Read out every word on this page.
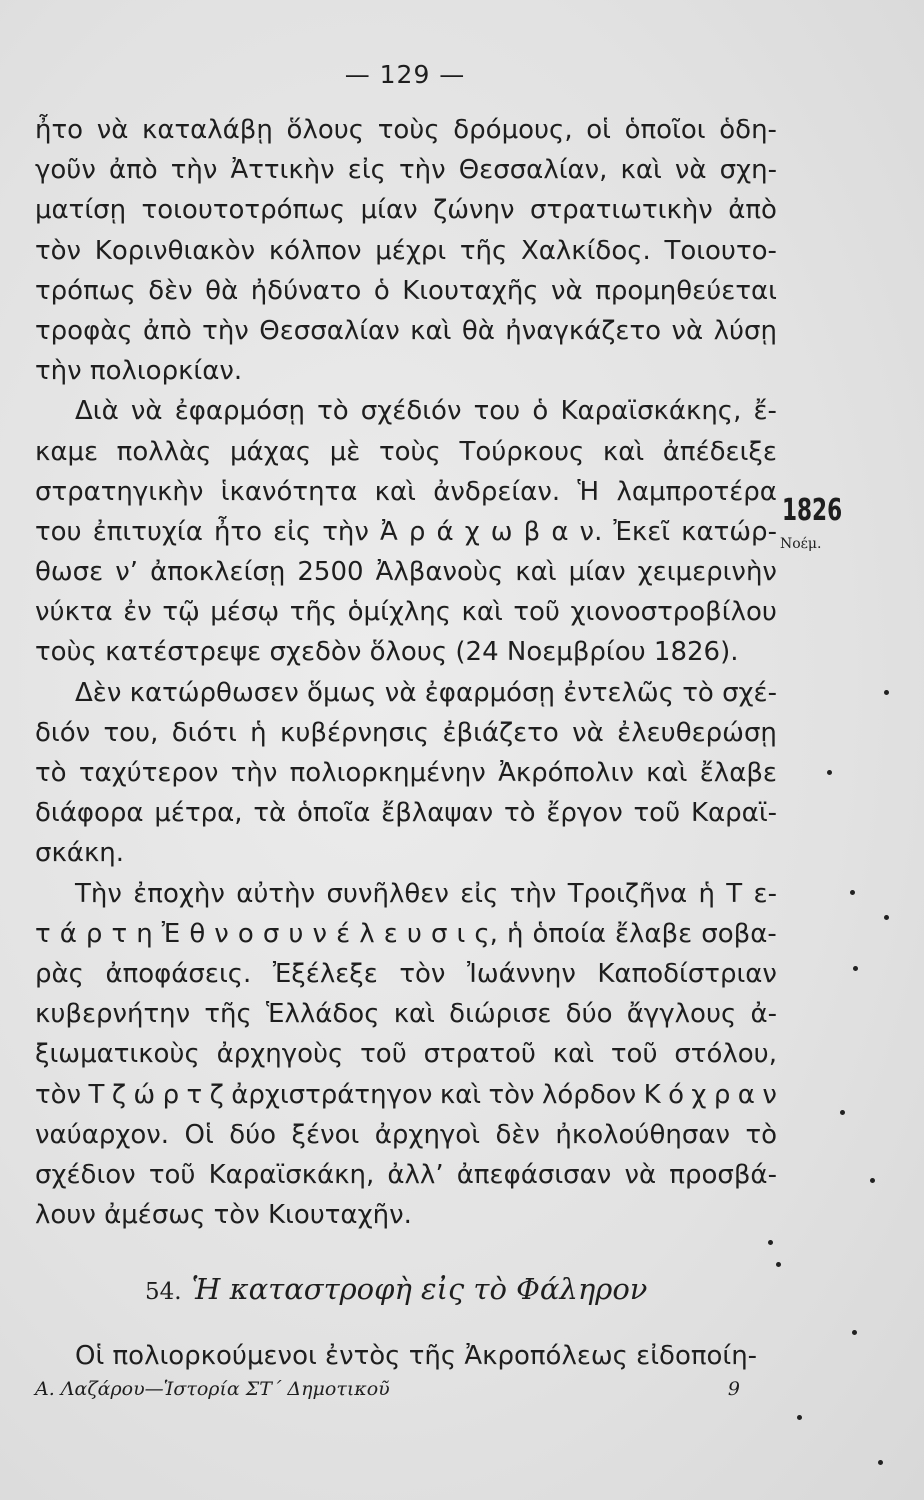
— 129 —
ἦτο νὰ καταλάβῃ ὅλους τοὺς δρόμους, οἱ ὁποῖοι ὁδη-
γοῦν ἀπὸ τὴν Ἀττικὴν εἰς τὴν Θεσσαλίαν, καὶ νὰ σχη-
ματίσῃ τοιουτοτρόπως μίαν ζώνην στρατιωτικὴν ἀπὸ
τὸν Κορινθιακὸν κόλπον μέχρι τῆς Χαλκίδος. Τοιουτο-
τρόπως δὲν θὰ ἠδύνατο ὁ Κιουταχῆς νὰ προμηθεύεται
τροφὰς ἀπὸ τὴν Θεσσαλίαν καὶ θὰ ἠναγκάζετο νὰ λύσῃ
τὴν πολιορκίαν.
Διὰ νὰ ἐφαρμόσῃ τὸ σχέδιόν του ὁ Καραϊσκάκης, ἔ-
καμε πολλὰς μάχας μὲ τοὺς Τούρκους καὶ ἀπέδειξε
στρατηγικὴν ἱκανότητα καὶ ἀνδρείαν. Ἡ λαμπροτέρα
του ἐπιτυχία ἦτο εἰς τὴν Ἀ ρ ά χ ω β α ν. Ἐκεῖ κατώρ-
θωσε ν’ ἀποκλείσῃ 2500 Ἀλβανοὺς καὶ μίαν χειμερινὴν
νύκτα ἐν τῷ μέσῳ τῆς ὁμίχλης καὶ τοῦ χιονοστροβίλου
τοὺς κατέστρεψε σχεδὸν ὅλους (24 Νοεμβρίου 1826).
Δὲν κατώρθωσεν ὅμως νὰ ἐφαρμόσῃ ἐντελῶς τὸ σχέ-
διόν του, διότι ἡ κυβέρνησις ἐβιάζετο νὰ ἐλευθερώσῃ
τὸ ταχύτερον τὴν πολιορκημένην Ἀκρόπολιν καὶ ἔλαβε
διάφορα μέτρα, τὰ ὁποῖα ἔβλαψαν τὸ ἔργον τοῦ Καραϊ-
σκάκη.
Τὴν ἐποχὴν αὐτὴν συνῆλθεν εἰς τὴν Τροιζῆνα ἡ Τ ε-
τ ά ρ τ η Ἐ θ ν ο σ υ ν έ λ ε υ σ ι ς, ἡ ὁποία ἔλαβε σοβα-
ρὰς ἀποφάσεις. Ἐξέλεξε τὸν Ἰωάννην Καποδίστριαν
κυβερνήτην τῆς Ἑλλάδος καὶ διώρισε δύο ἄγγλους ἀ-
ξιωματικοὺς ἀρχηγοὺς τοῦ στρατοῦ καὶ τοῦ στόλου,
τὸν Τ ζ ώ ρ τ ζ ἀρχιστράτηγον καὶ τὸν λόρδον Κ ό χ ρ α ν
ναύαρχον. Οἱ δύο ξένοι ἀρχηγοὶ δὲν ἠκολούθησαν τὸ
σχέδιον τοῦ Καραϊσκάκη, ἀλλ’ ἀπεφάσισαν νὰ προσβά-
λουν ἀμέσως τὸν Κιουταχῆν.
1826
Νοέμ.
54. Ἡ καταστροφὴ εἰς τὸ Φάληρον
Οἱ πολιορκούμενοι ἐντὸς τῆς Ἀκροπόλεως εἰδοποίη-
Α. Λαζάρου—Ἱστορία ΣΤ΄ Δημοτικοῦ	9
